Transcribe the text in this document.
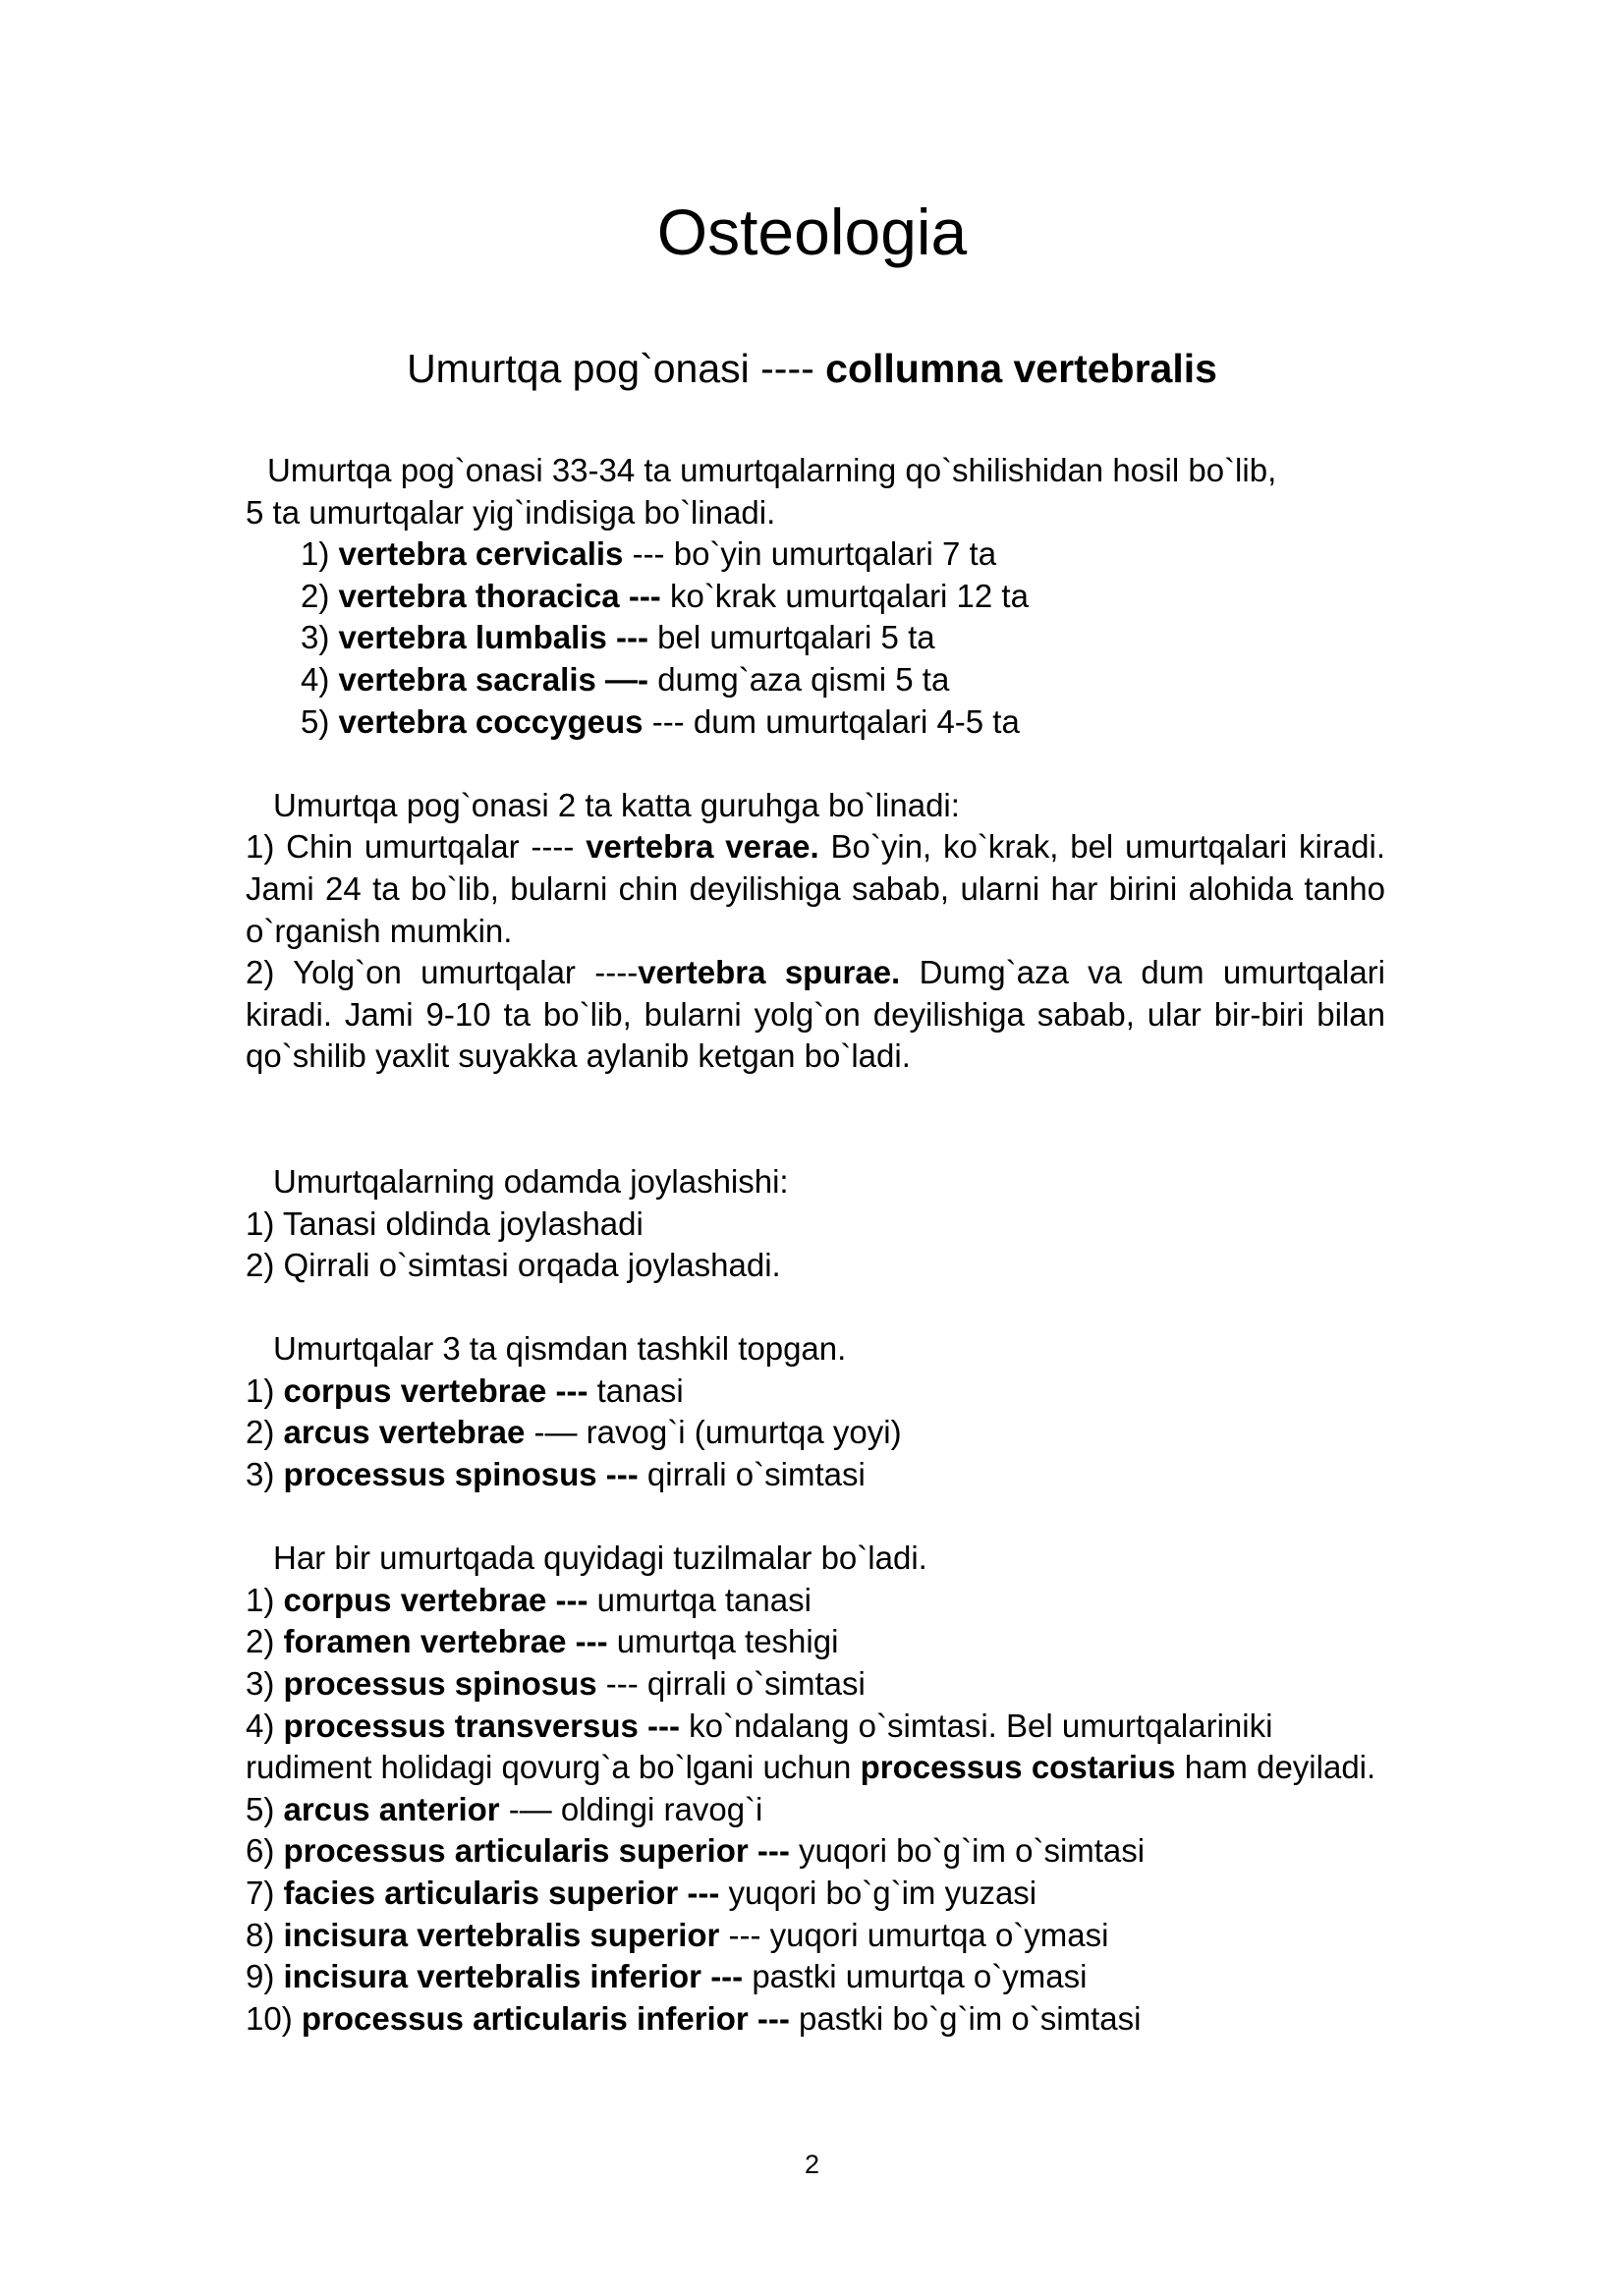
Osteologia
Umurtqa pog`onasi ---- collumna vertebralis

Umurtqa pog`onasi 33-34 ta umurtqalarning qo`shilishidan hosil bo`lib,

5 ta umurtqalar yig`indisiga bo`linadi.

1) vertebra cervicalis --- bo`yin umurtqalari 7 ta

2) vertebra thoracica --- ko`krak umurtqalari 12 ta

3) vertebra lumbalis --- bel umurtqalari 5 ta

4) vertebra sacralis —- dumg`aza qismi 5 ta

5) vertebra coccygeus --- dum umurtqalari 4-5 ta

Umurtqa pog`onasi 2 ta katta guruhga bo`linadi:

1) Chin umurtqalar ---- vertebra verae. Bo`yin, ko`krak, bel umurtqalari kiradi. Jami 24 ta bo`lib, bularni chin deyilishiga sabab, ularni har birini alohida tanho o`rganish mumkin.

2) Yolg`on umurtqalar ----vertebra spurae. Dumg`aza va dum umurtqalari kiradi. Jami 9-10 ta bo`lib, bularni yolg`on deyilishiga sabab, ular bir-biri bilan qo`shilib yaxlit suyakka aylanib ketgan bo`ladi.

Umurtqalarning odamda joylashishi:

1) Tanasi oldinda joylashadi

2) Qirrali o`simtasi orqada joylashadi.

Umurtqalar 3 ta qismdan tashkil topgan.

1) corpus vertebrae --- tanasi

2) arcus vertebrae -— ravog`i (umurtqa yoyi)

3) processus spinosus --- qirrali o`simtasi

Har bir umurtqada quyidagi tuzilmalar bo`ladi.

1) corpus vertebrae --- umurtqa tanasi

2) foramen vertebrae --- umurtqa teshigi

3) processus spinosus --- qirrali o`simtasi

4) processus transversus --- ko`ndalang o`simtasi. Bel umurtqalariniki rudiment holidagi qovurg`a bo`lgani uchun processus costarius ham deyiladi.

5) arcus anterior -— oldingi ravog`i

6) processus articularis superior --- yuqori bo`g`im o`simtasi

7) facies articularis superior --- yuqori bo`g`im yuzasi

8) incisura vertebralis superior --- yuqori umurtqa o`ymasi

9) incisura vertebralis inferior --- pastki umurtqa o`ymasi

10) processus articularis inferior --- pastki bo`g`im o`simtasi

2
